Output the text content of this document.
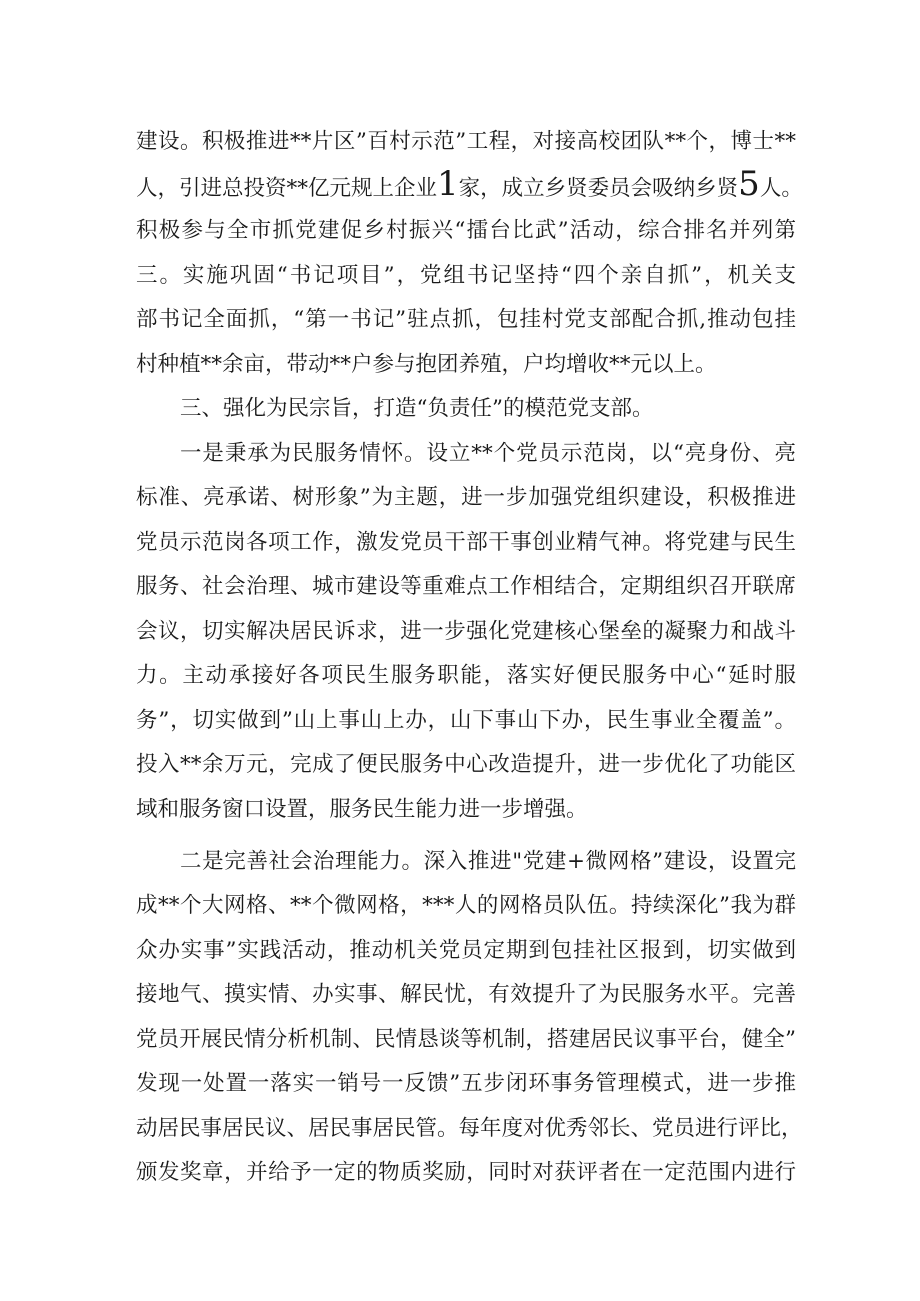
建设。积极推进**片区”百村示范”工程，对接高校团队**个，博士**
人，引进总投资**亿元规上企业1家，成立乡贤委员会吸纳乡贤5人。
积极参与全市抓党建促乡村振兴“擂台比武”活动，综合排名并列第
三。实施巩固“书记项目”，党组书记坚持“四个亲自抓”，机关支
部书记全面抓，“第一书记”驻点抓，包挂村党支部配合抓,推动包挂
村种植**余亩，带动**户参与抱团养殖，户均增收**元以上。
三、强化为民宗旨，打造“负责任”的模范党支部。
一是秉承为民服务情怀。设立**个党员示范岗，以“亮身份、亮
标准、亮承诺、树形象”为主题，进一步加强党组织建设，积极推进
党员示范岗各项工作，激发党员干部干事创业精气神。将党建与民生
服务、社会治理、城市建设等重难点工作相结合，定期组织召开联席
会议，切实解决居民诉求，进一步强化党建核心堡垒的凝聚力和战斗
力。主动承接好各项民生服务职能，落实好便民服务中心“延时服
务”，切实做到”山上事山上办，山下事山下办，民生事业全覆盖”。
投入**余万元，完成了便民服务中心改造提升，进一步优化了功能区
域和服务窗口设置，服务民生能力进一步增强。
二是完善社会治理能力。深入推进"党建+微网格”建设，设置完
成**个大网格、**个微网格，***人的网格员队伍。持续深化”我为群
众办实事”实践活动，推动机关党员定期到包挂社区报到，切实做到
接地气、摸实情、办实事、解民忧，有效提升了为民服务水平。完善
党员开展民情分析机制、民情恳谈等机制，搭建居民议事平台，健全”
发现一处置一落实一销号一反馈”五步闭环事务管理模式，进一步推
动居民事居民议、居民事居民管。每年度对优秀邻长、党员进行评比，
颁发奖章，并给予一定的物质奖励，同时对获评者在一定范围内进行
